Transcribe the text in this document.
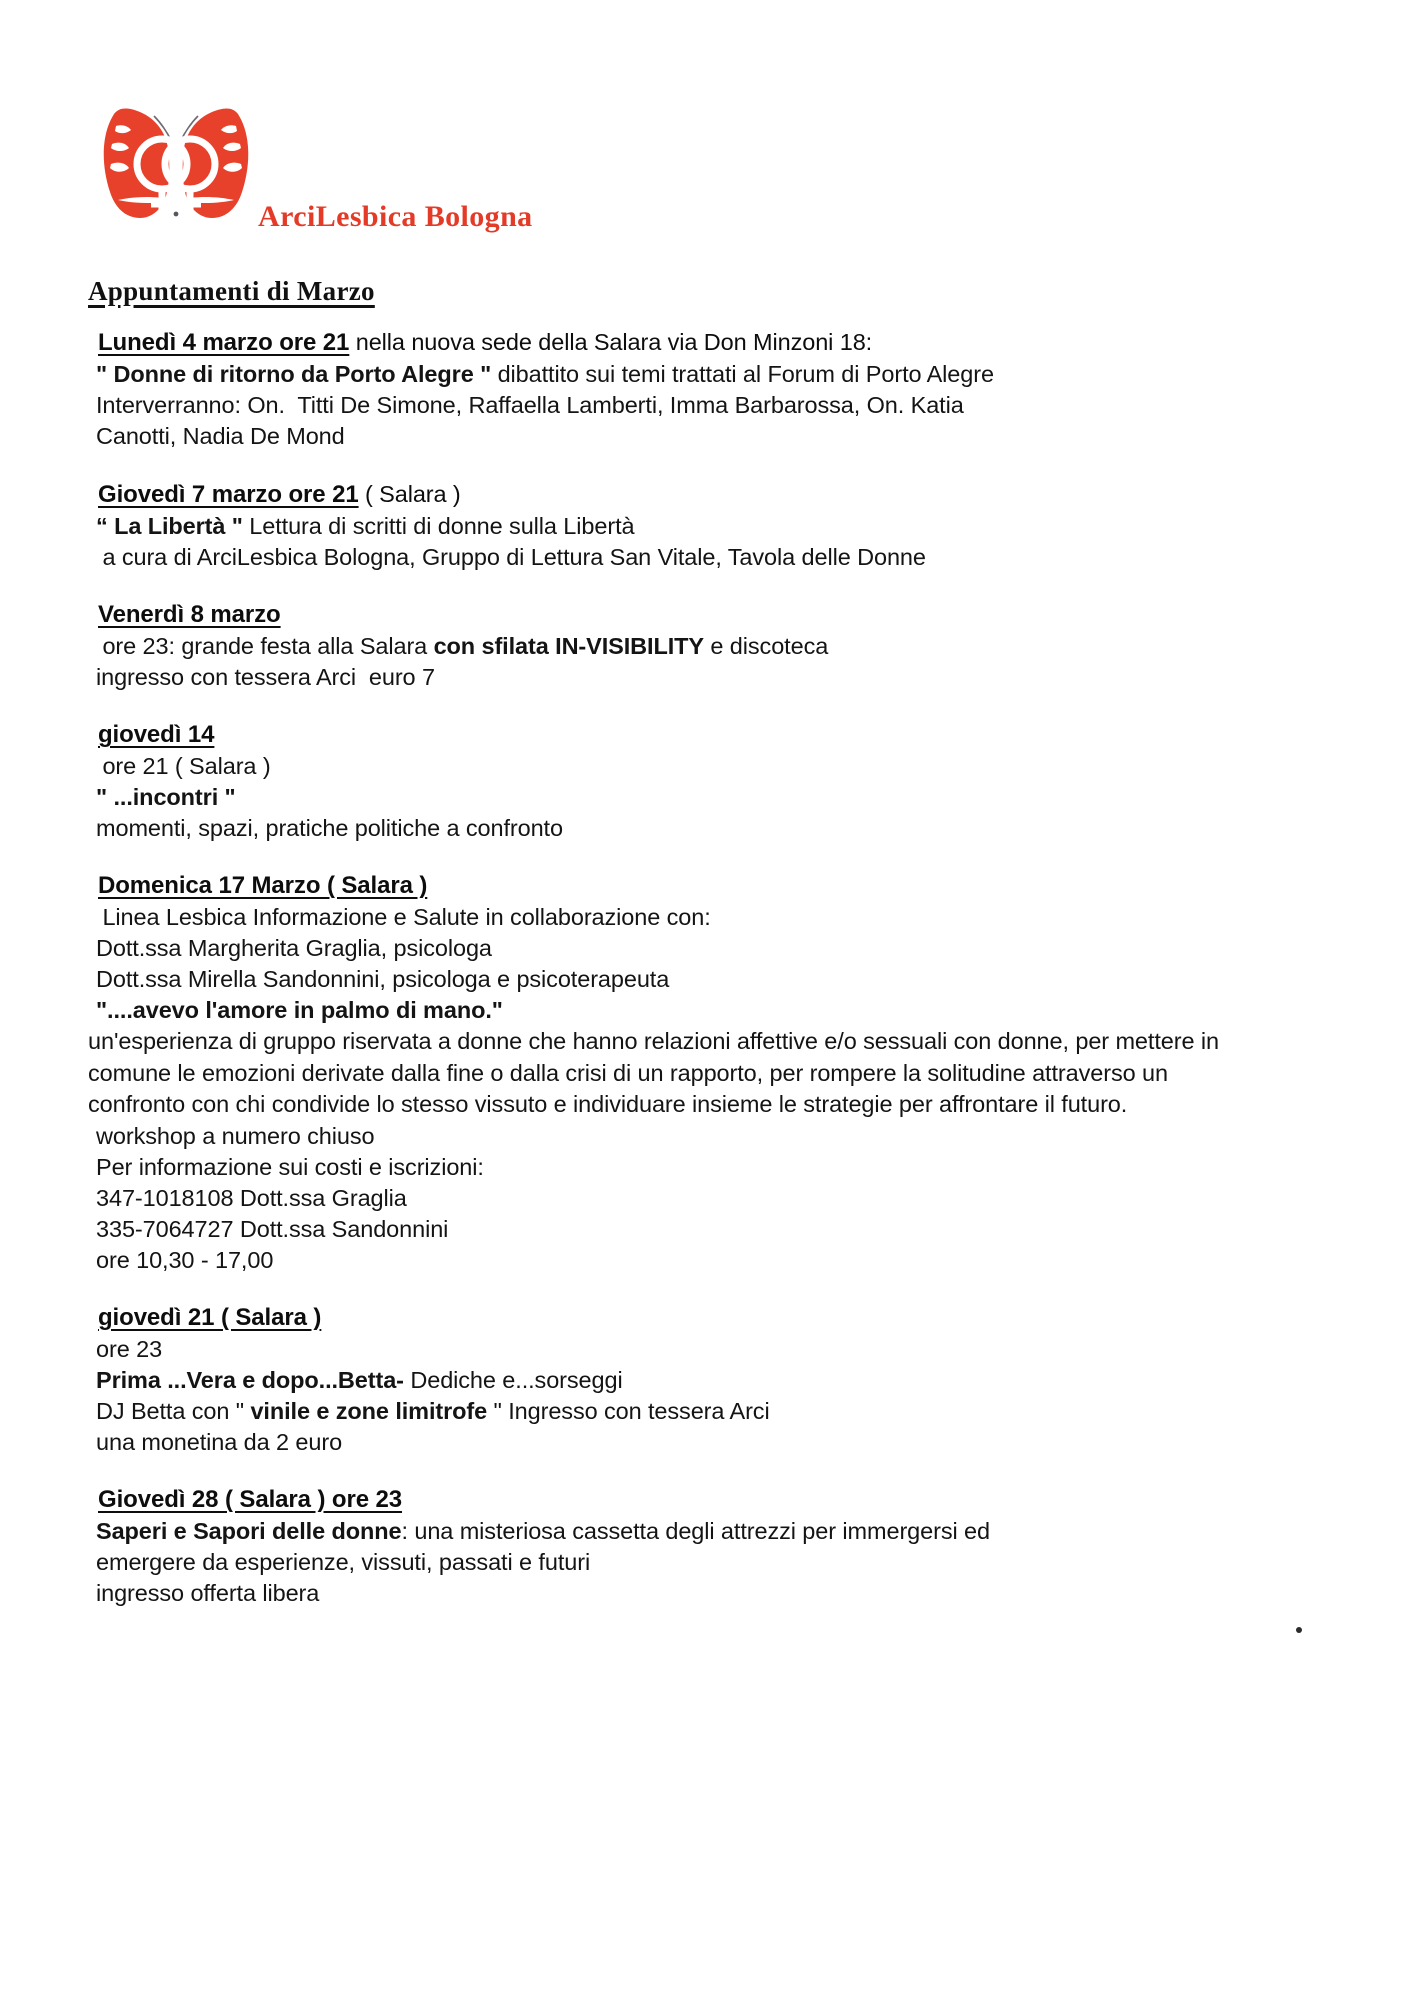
ArciLesbica Bologna
Appuntamenti di Marzo
Lunedì 4 marzo ore 21 nella nuova sede della Salara via Don Minzoni 18:
" Donne di ritorno da Porto Alegre " dibattito sui temi trattati al Forum di Porto Alegre
Interverranno: On.  Titti De Simone, Raffaella Lamberti, Imma Barbarossa, On. Katia
Canotti, Nadia De Mond
Giovedì 7 marzo ore 21 ( Salara )
“ La Libertà " Lettura di scritti di donne sulla Libertà
a cura di ArciLesbica Bologna, Gruppo di Lettura San Vitale, Tavola delle Donne
Venerdì 8 marzo
ore 23: grande festa alla Salara con sfilata IN-VISIBILITY e discoteca
ingresso con tessera Arci  euro 7
giovedì 14
ore 21 ( Salara )
" ...incontri "
momenti, spazi, pratiche politiche a confronto
Domenica 17 Marzo ( Salara )
Linea Lesbica Informazione e Salute in collaborazione con:
Dott.ssa Margherita Graglia, psicologa
Dott.ssa Mirella Sandonnini, psicologa e psicoterapeuta
"....avevo l'amore in palmo di mano."
un'esperienza di gruppo riservata a donne che hanno relazioni affettive e/o sessuali con donne, per mettere in comune le emozioni derivate dalla fine o dalla crisi di un rapporto, per rompere la solitudine attraverso un confronto con chi condivide lo stesso vissuto e individuare insieme le strategie per affrontare il futuro.
workshop a numero chiuso
Per informazione sui costi e iscrizioni:
347-1018108 Dott.ssa Graglia
335-7064727 Dott.ssa Sandonnini
ore 10,30 - 17,00
giovedì 21 ( Salara )
ore 23
Prima ...Vera e dopo...Betta- Dediche e...sorseggi
DJ Betta con " vinile e zone limitrofe " Ingresso con tessera Arci
una monetina da 2 euro
Giovedì 28 ( Salara ) ore 23
Saperi e Sapori delle donne: una misteriosa cassetta degli attrezzi per immergersi ed
emergere da esperienze, vissuti, passati e futuri
ingresso offerta libera
